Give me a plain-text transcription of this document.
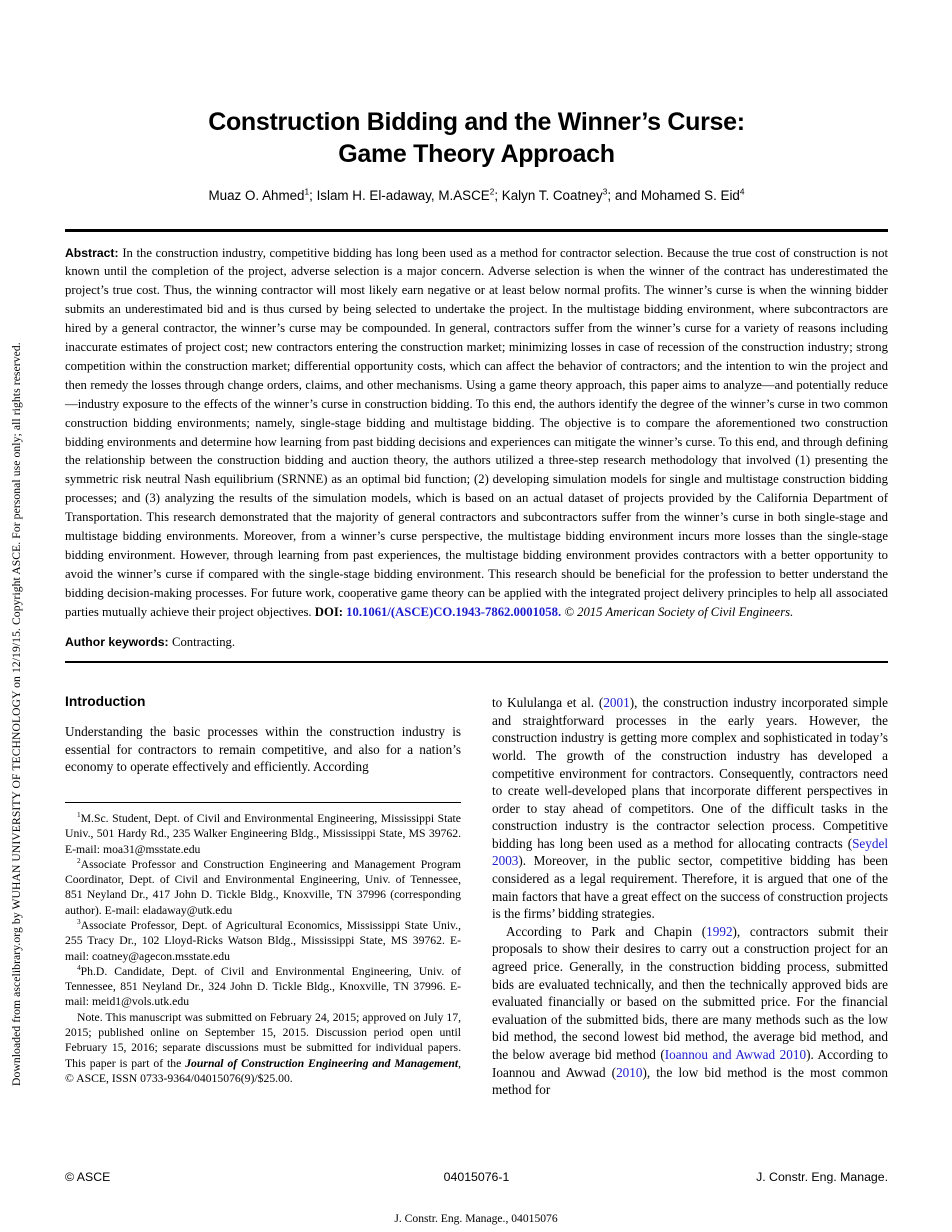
Downloaded from ascelibrary.org by WUHAN UNIVERSITY OF TECHNOLOGY on 12/19/15. Copyright ASCE. For personal use only; all rights reserved.
Construction Bidding and the Winner’s Curse:
Game Theory Approach
Muaz O. Ahmed$^1$; Islam H. El-adaway, M.ASCE$^2$; Kalyn T. Coatney$^3$; and Mohamed S. Eid$^4$
Abstract: In the construction industry, competitive bidding has long been used as a method for contractor selection. Because the true cost of construction is not known until the completion of the project, adverse selection is a major concern. Adverse selection is when the winner of the contract has underestimated the project’s true cost. Thus, the winning contractor will most likely earn negative or at least below normal profits. The winner’s curse is when the winning bidder submits an underestimated bid and is thus cursed by being selected to undertake the project. In the multistage bidding environment, where subcontractors are hired by a general contractor, the winner’s curse may be compounded. In general, contractors suffer from the winner’s curse for a variety of reasons including inaccurate estimates of project cost; new contractors entering the construction market; minimizing losses in case of recession of the construction industry; strong competition within the construction market; differential opportunity costs, which can affect the behavior of contractors; and the intention to win the project and then remedy the losses through change orders, claims, and other mechanisms. Using a game theory approach, this paper aims to analyze—and potentially reduce—industry exposure to the effects of the winner’s curse in construction bidding. To this end, the authors identify the degree of the winner’s curse in two common construction bidding environments; namely, single-stage bidding and multistage bidding. The objective is to compare the aforementioned two construction bidding environments and determine how learning from past bidding decisions and experiences can mitigate the winner’s curse. To this end, and through defining the relationship between the construction bidding and auction theory, the authors utilized a three-step research methodology that involved (1) presenting the symmetric risk neutral Nash equilibrium (SRNNE) as an optimal bid function; (2) developing simulation models for single and multistage construction bidding processes; and (3) analyzing the results of the simulation models, which is based on an actual dataset of projects provided by the California Department of Transportation. This research demonstrated that the majority of general contractors and subcontractors suffer from the winner’s curse in both single-stage and multistage bidding environments. Moreover, from a winner’s curse perspective, the multistage bidding environment incurs more losses than the single-stage bidding environment. However, through learning from past experiences, the multistage bidding environment provides contractors with a better opportunity to avoid the winner’s curse if compared with the single-stage bidding environment. This research should be beneficial for the profession to better understand the bidding decision-making processes. For future work, cooperative game theory can be applied with the integrated project delivery principles to help all associated parties mutually achieve their project objectives. DOI: 10.1061/(ASCE)CO.1943-7862.0001058. © 2015 American Society of Civil Engineers.
Author keywords: Contracting.
Introduction
Understanding the basic processes within the construction industry is essential for contractors to remain competitive, and also for a nation’s economy to operate effectively and efficiently. According

$^1$M.Sc. Student, Dept. of Civil and Environmental Engineering, Mississippi State Univ., 501 Hardy Rd., 235 Walker Engineering Bldg., Mississippi State, MS 39762. E-mail: moa31@msstate.edu

$^2$Associate Professor and Construction Engineering and Management Program Coordinator, Dept. of Civil and Environmental Engineering, Univ. of Tennessee, 851 Neyland Dr., 417 John D. Tickle Bldg., Knoxville, TN 37996 (corresponding author). E-mail: eladaway@utk.edu

$^3$Associate Professor, Dept. of Agricultural Economics, Mississippi State Univ., 255 Tracy Dr., 102 Lloyd-Ricks Watson Bldg., Mississippi State, MS 39762. E-mail: coatney@agecon.msstate.edu

$^4$Ph.D. Candidate, Dept. of Civil and Environmental Engineering, Univ. of Tennessee, 851 Neyland Dr., 324 John D. Tickle Bldg., Knoxville, TN 37996. E-mail: meid1@vols.utk.edu

Note. This manuscript was submitted on February 24, 2015; approved on July 17, 2015; published online on September 15, 2015. Discussion period open until February 15, 2016; separate discussions must be submitted for individual papers. This paper is part of the Journal of Construction Engineering and Management, © ASCE, ISSN 0733-9364/04015076(9)/$25.00.

to Kululanga et al. (2001), the construction industry incorporated simple and straightforward processes in the early years. However, the construction industry is getting more complex and sophisticated in today’s world. The growth of the construction industry has developed a competitive environment for contractors. Consequently, contractors need to create well-developed plans that incorporate different perspectives in order to stay ahead of competitors. One of the difficult tasks in the construction industry is the contractor selection process. Competitive bidding has long been used as a method for allocating contracts (Seydel 2003). Moreover, in the public sector, competitive bidding has been considered as a legal requirement. Therefore, it is argued that one of the main factors that have a great effect on the success of construction projects is the firms’ bidding strategies.
According to Park and Chapin (1992), contractors submit their proposals to show their desires to carry out a construction project for an agreed price. Generally, in the construction bidding process, submitted bids are evaluated technically, and then the technically approved bids are evaluated financially or based on the submitted price. For the financial evaluation of the submitted bids, there are many methods such as the low bid method, the second lowest bid method, the average bid method, and the below average bid method (Ioannou and Awwad 2010). According to Ioannou and Awwad (2010), the low bid method is the most common method for
© ASCE	04015076-1	J. Constr. Eng. Manage.
J. Constr. Eng. Manage., 04015076
